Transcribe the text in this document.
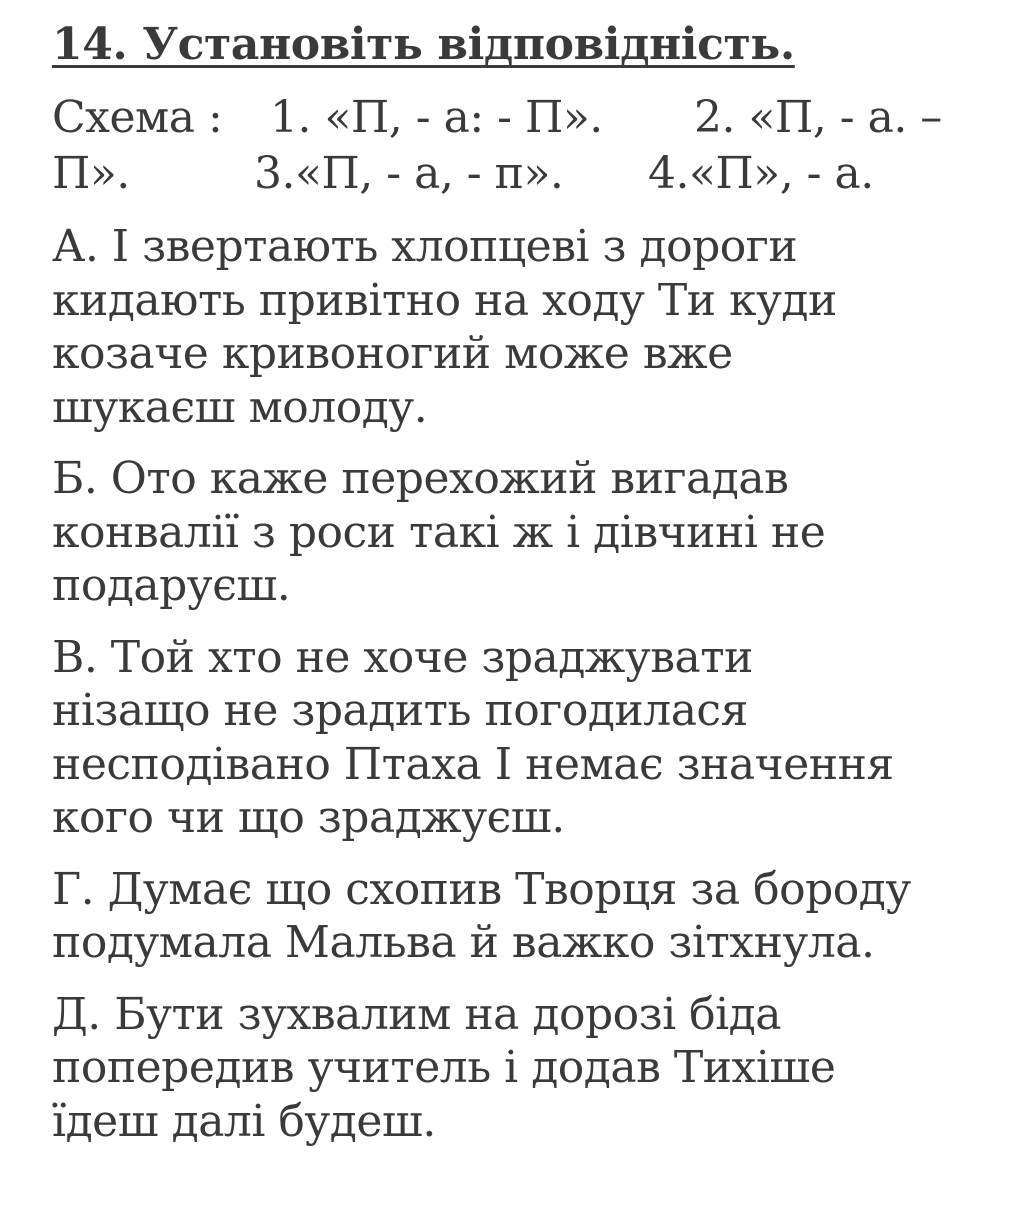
14. Установіть відповідність.
Схема : 1. «П, - а: - П». 2. «П, - а. –
П».	3.«П, - а, - п». 4.«П», - а.
А. І звертають хлопцеві з дороги
кидають привітно на ходу Ти куди
козаче кривоногий може вже
шукаєш молоду.
Б. Ото каже перехожий вигадав
конвалії з роси такі ж і дівчині не
подаруєш.
В. Той хто не хоче зраджувати
нізащо не зрадить погодилася
несподівано Птаха І немає значення
кого чи що зраджуєш.
Г. Думає що схопив Творця за бороду
подумала Мальва й важко зітхнула.
Д. Бути зухвалим на дорозі біда
попередив учитель і додав Тихіше
їдеш далі будеш.
